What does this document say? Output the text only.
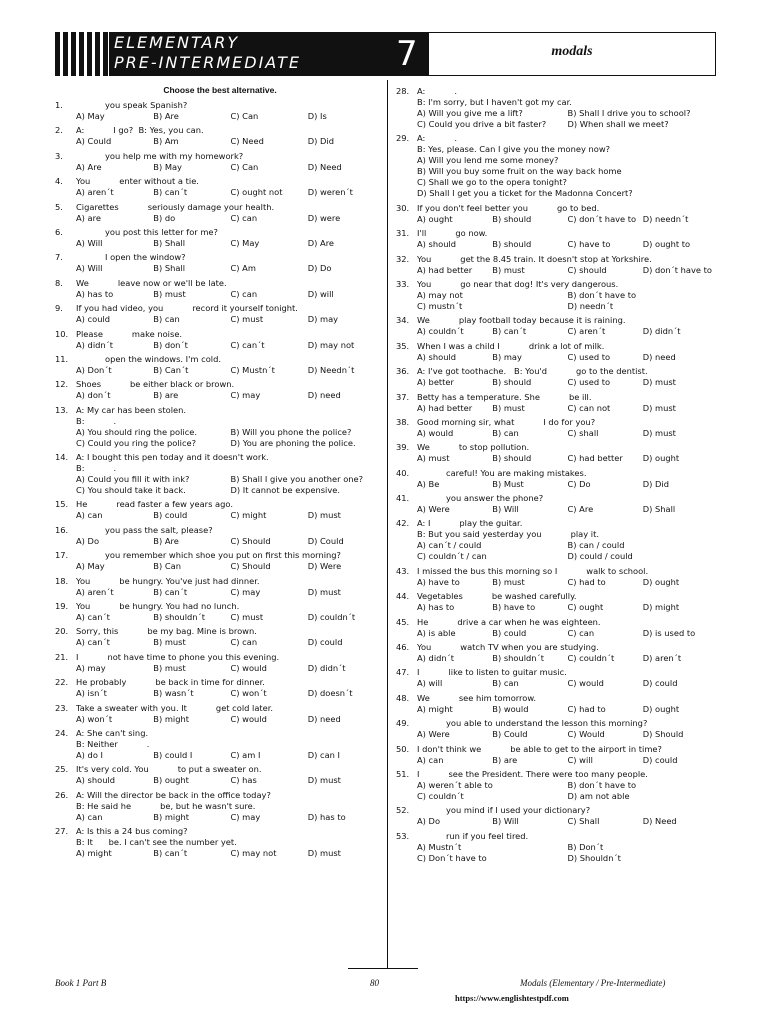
ELEMENTARY
PRE-INTERMEDIATE	7	modals
Choose the best alternative.
1.	you speak Spanish?
A) May	B) Are	C) Can	D) Is
2.	A:           I go?  B: Yes, you can.
A) Could	B) Am	C) Need	D) Did
3.	you help me with my homework?
A) Are	B) May	C) Can	D) Need
4.	You           enter without a tie.
A) aren´t	B) can´t	C) ought not	D) weren´t
5.	Cigarettes           seriously damage your health.
A) are	B) do	C) can	D) were
6.	you post this letter for me?
A) Will	B) Shall	C) May	D) Are
7.	I open the window?
A) Will	B) Shall	C) Am	D) Do
8.	We           leave now or we'll be late.
A) has to	B) must	C) can	D) will
9.	If you had video, you           record it yourself tonight.
A) could	B) can	C) must	D) may
10. Please           make noise.
A) didn´t	B) don´t	C) can´t	D) may not
11. open the windows. I'm cold.
A) Don´t	B) Can´t	C) Mustn´t	D) Needn´t
12. Shoes           be either black or brown.
A) don´t	B) are	C) may	D) need
13. A: My car has been stolen.
B:           .
A) You should ring the police.	B) Will you phone the police?
C) Could you ring the police?	D) You are phoning the police.
14. A: I bought this pen today and it doesn't work.
B:           .
A) Could you fill it with ink?	B) Shall I give you another one?
C) You should take it back.	D) It cannot be expensive.
15. He           read faster a few years ago.
A) can	B) could	C) might	D) must
16. you pass the salt, please?
A) Do	B) Are	C) Should	D) Could
17. you remember which shoe you put on first this morning?
A) May	B) Can	C) Should	D) Were
18. You           be hungry. You've just had dinner.
A) aren´t	B) can´t	C) may	D) must
19. You           be hungry. You had no lunch.
A) can´t	B) shouldn´t	C) must	D) couldn´t
20. Sorry, this           be my bag. Mine is brown.
A) can´t	B) must	C) can	D) could
21. I           not have time to phone you this evening.
A) may	B) must	C) would	D) didn´t
22. He probably           be back in time for dinner.
A) isn´t	B) wasn´t	C) won´t	D) doesn´t
23. Take a sweater with you. It           get cold later.
A) won´t	B) might	C) would	D) need
24. A: She can't sing.
B: Neither           .
A) do I	B) could I	C) am I	D) can I
25. It's very cold. You           to put a sweater on.
A) should	B) ought	C) has	D) must
26. A: Will the director be back in the office today?
B: He said he           be, but he wasn't sure.
A) can	B) might	C) may	D) has to
27. A: Is this a 24 bus coming?
B: It      be. I can't see the number yet.
A) might	B) can´t	C) may not	D) must
28. A:           .
B: I'm sorry, but I haven't got my car.
A) Will you give me a lift?	B) Shall I drive you to school?
C) Could you drive a bit faster?	D) When shall we meet?
29. A:           .
B: Yes, please. Can I give you the money now?
A) Will you lend me some money?
B) Will you buy some fruit on the way back home
C) Shall we go to the opera tonight?
D) Shall I get you a ticket for the Madonna Concert?
30. If you don't feel better you           go to bed.
A) ought	B) should	C) don´t have to D) needn´t
31. I'll           go now.
A) should	B) should	C) have to	D) ought to
32. You           get the 8.45 train. It doesn't stop at Yorkshire.
A) had better	B) must	C) should	D) don´t have to
33. You           go near that dog! It's very dangerous.
A) may not	B) don´t have to
C) mustn´t	D) needn´t
34. We           play football today because it is raining.
A) couldn´t	B) can´t	C) aren´t	D) didn´t
35. When I was a child I           drink a lot of milk.
A) should	B) may	C) used to	D) need
36. A: I've got toothache.   B: You'd           go to the dentist.
A) better	B) should	C) used to	D) must
37. Betty has a temperature. She           be ill.
A) had better	B) must	C) can not	D) must
38. Good morning sir, what           I do for you?
A) would	B) can	C) shall	D) must
39. We           to stop pollution.
A) must	B) should	C) had better	D) ought
40. careful! You are making mistakes.
A) Be	B) Must	C) Do	D) Did
41. you answer the phone?
A) Were	B) Will	C) Are	D) Shall
42. A: I           play the guitar.
B: But you said yesterday you           play it.
A) can´t / could	B) can / could
C) couldn´t / can	D) could / could
43. I missed the bus this morning so I           walk to school.
A) have to	B) must	C) had to	D) ought
44. Vegetables           be washed carefully.
A) has to	B) have to	C) ought	D) might
45. He           drive a car when he was eighteen.
A) is able	B) could	C) can	D) is used to
46. You           watch TV when you are studying.
A) didn´t	B) shouldn´t	C) couldn´t	D) aren´t
47. I           like to listen to guitar music.
A) will	B) can	C) would	D) could
48. We           see him tomorrow.
A) might	B) would	C) had to	D) ought
49. you able to understand the lesson this morning?
A) Were	B) Could	C) Would	D) Should
50. I don't think we           be able to get to the airport in time?
A) can	B) are	C) will	D) could
51. I           see the President. There were too many people.
A) weren´t able to	B) don´t have to
C) couldn´t	D) am not able
52. you mind if I used your dictionary?
A) Do	B) Will	C) Shall	D) Need
53. run if you feel tired.
A) Mustn´t	B) Don´t
C) Don´t have to	D) Shouldn´t
Book 1 Part B	80	Modals (Elementary / Pre-Intermediate)
https://www.englishtestpdf.com
